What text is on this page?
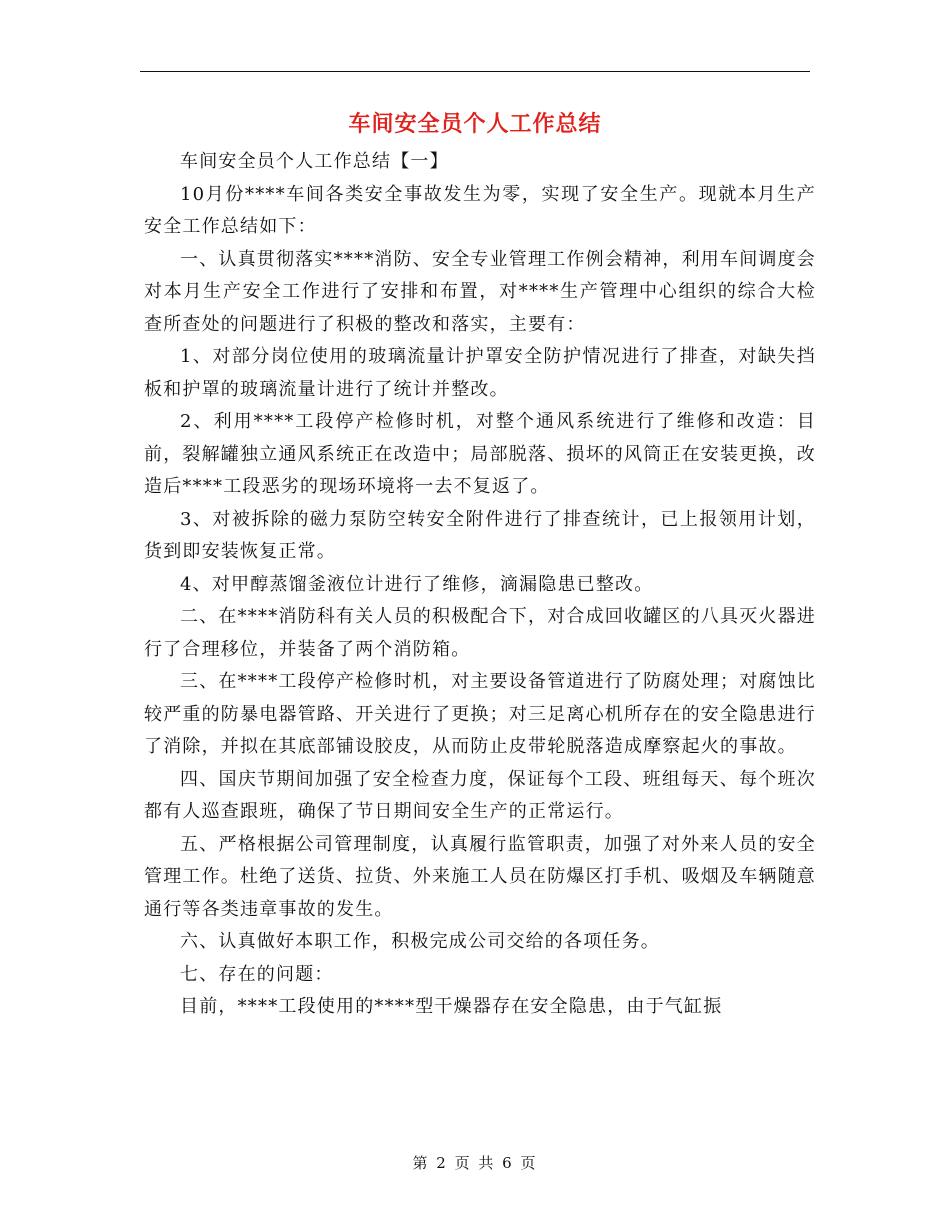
车间安全员个人工作总结

车间安全员个人工作总结【一】

10月份****车间各类安全事故发生为零，实现了安全生产。现就本月生产安全工作总结如下：

一、认真贯彻落实****消防、安全专业管理工作例会精神，利用车间调度会对本月生产安全工作进行了安排和布置，对****生产管理中心组织的综合大检查所查处的问题进行了积极的整改和落实，主要有：

1、对部分岗位使用的玻璃流量计护罩安全防护情况进行了排查，对缺失挡板和护罩的玻璃流量计进行了统计并整改。

2、利用****工段停产检修时机，对整个通风系统进行了维修和改造：目前，裂解罐独立通风系统正在改造中；局部脱落、损坏的风筒正在安装更换，改造后****工段恶劣的现场环境将一去不复返了。

3、对被拆除的磁力泵防空转安全附件进行了排查统计，已上报领用计划，货到即安装恢复正常。

4、对甲醇蒸馏釜液位计进行了维修，滴漏隐患已整改。

二、在****消防科有关人员的积极配合下，对合成回收罐区的八具灭火器进行了合理移位，并装备了两个消防箱。

三、在****工段停产检修时机，对主要设备管道进行了防腐处理；对腐蚀比较严重的防暴电器管路、开关进行了更换；对三足离心机所存在的安全隐患进行了消除，并拟在其底部铺设胶皮，从而防止皮带轮脱落造成摩察起火的事故。

四、国庆节期间加强了安全检查力度，保证每个工段、班组每天、每个班次都有人巡查跟班，确保了节日期间安全生产的正常运行。

五、严格根据公司管理制度，认真履行监管职责，加强了对外来人员的安全管理工作。杜绝了送货、拉货、外来施工人员在防爆区打手机、吸烟及车辆随意通行等各类违章事故的发生。

六、认真做好本职工作，积极完成公司交给的各项任务。

七、存在的问题：

目前，****工段使用的****型干燥器存在安全隐患，由于气缸振

第 2 页 共 6 页
